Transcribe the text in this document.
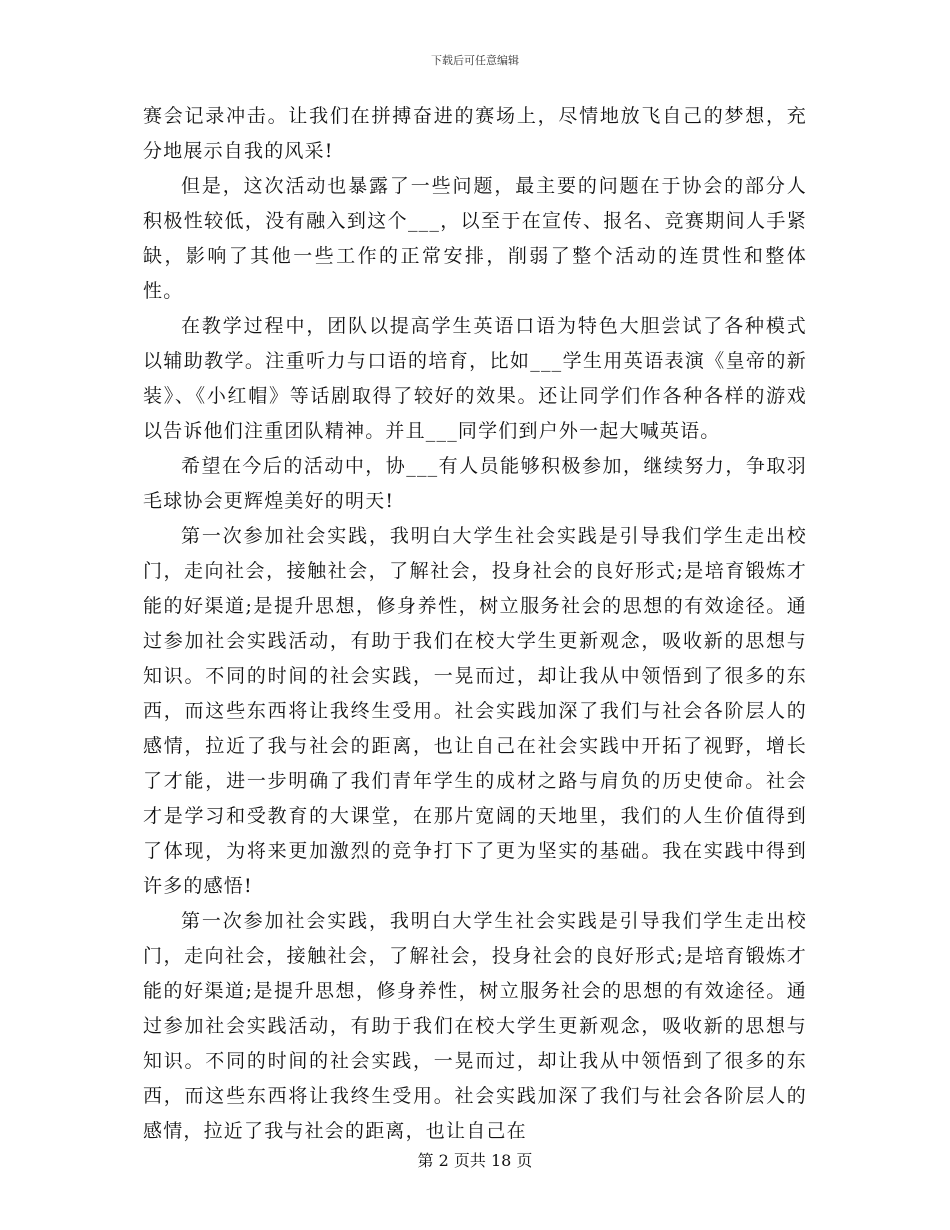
下载后可任意编辑

赛会记录冲击。让我们在拼搏奋进的赛场上，尽情地放飞自己的梦想，充分地展示自我的风采!

但是，这次活动也暴露了一些问题，最主要的问题在于协会的部分人积极性较低，没有融入到这个___，以至于在宣传、报名、竞赛期间人手紧缺，影响了其他一些工作的正常安排，削弱了整个活动的连贯性和整体性。

在教学过程中，团队以提高学生英语口语为特色大胆尝试了各种模式以辅助教学。注重听力与口语的培育，比如___学生用英语表演《皇帝的新装》、《小红帽》等话剧取得了较好的效果。还让同学们作各种各样的游戏以告诉他们注重团队精神。并且___同学们到户外一起大喊英语。

希望在今后的活动中，协___有人员能够积极参加，继续努力，争取羽毛球协会更辉煌美好的明天!

第一次参加社会实践，我明白大学生社会实践是引导我们学生走出校门，走向社会，接触社会，了解社会，投身社会的良好形式;是培育锻炼才能的好渠道;是提升思想，修身养性，树立服务社会的思想的有效途径。通过参加社会实践活动，有助于我们在校大学生更新观念，吸收新的思想与知识。不同的时间的社会实践，一晃而过，却让我从中领悟到了很多的东西，而这些东西将让我终生受用。社会实践加深了我们与社会各阶层人的感情，拉近了我与社会的距离，也让自己在社会实践中开拓了视野，增长了才能，进一步明确了我们青年学生的成材之路与肩负的历史使命。社会才是学习和受教育的大课堂，在那片宽阔的天地里，我们的人生价值得到了体现，为将来更加激烈的竞争打下了更为坚实的基础。我在实践中得到许多的感悟!

第一次参加社会实践，我明白大学生社会实践是引导我们学生走出校门，走向社会，接触社会，了解社会，投身社会的良好形式;是培育锻炼才能的好渠道;是提升思想，修身养性，树立服务社会的思想的有效途径。通过参加社会实践活动，有助于我们在校大学生更新观念，吸收新的思想与知识。不同的时间的社会实践，一晃而过，却让我从中领悟到了很多的东西，而这些东西将让我终生受用。社会实践加深了我们与社会各阶层人的感情，拉近了我与社会的距离，也让自己在

第 2 页共 18 页
